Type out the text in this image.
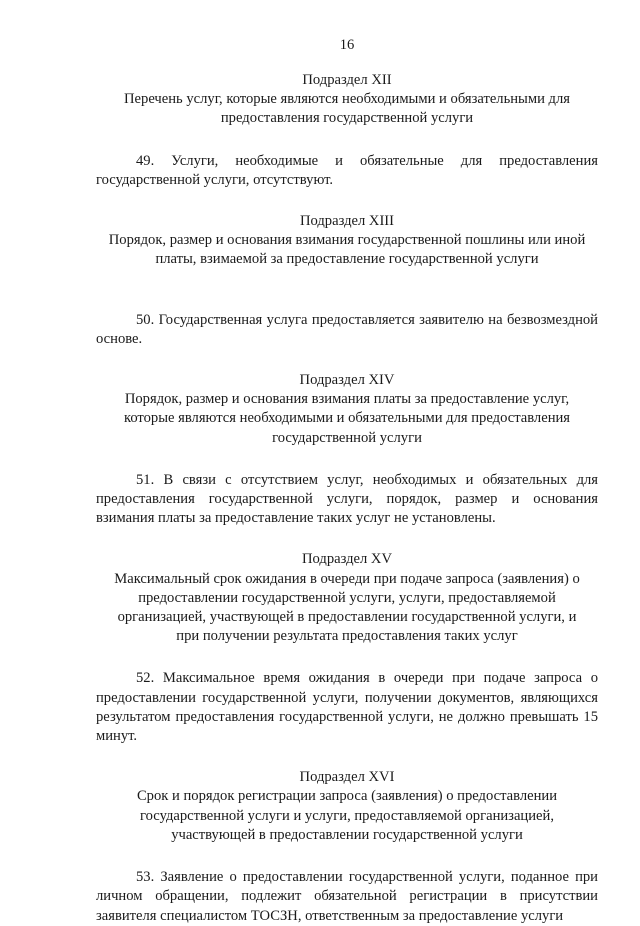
16

Подраздел XII

Перечень услуг, которые являются необходимыми и обязательными для предоставления государственной услуги

49. Услуги, необходимые и обязательные для предоставления государственной услуги, отсутствуют.

Подраздел XIII

Порядок, размер и основания взимания государственной пошлины или иной платы, взимаемой за предоставление государственной услуги

50. Государственная услуга предоставляется заявителю на безвозмездной основе.

Подраздел XIV

Порядок, размер и основания взимания платы за предоставление услуг, которые являются необходимыми и обязательными для предоставления государственной услуги

51. В связи с отсутствием услуг, необходимых и обязательных для предоставления государственной услуги, порядок, размер и основания взимания платы за предоставление таких услуг не установлены.

Подраздел XV

Максимальный срок ожидания в очереди при подаче запроса (заявления) о предоставлении государственной услуги, услуги, предоставляемой организацией, участвующей в предоставлении государственной услуги, и при получении результата предоставления таких услуг

52. Максимальное время ожидания в очереди при подаче запроса о предоставлении государственной услуги, получении документов, являющихся результатом предоставления государственной услуги, не должно превышать 15 минут.

Подраздел XVI

Срок и порядок регистрации запроса (заявления) о предоставлении государственной услуги и услуги, предоставляемой организацией, участвующей в предоставлении государственной услуги

53. Заявление о предоставлении государственной услуги, поданное при личном обращении, подлежит обязательной регистрации в присутствии заявителя специалистом ТОСЗН, ответственным за предоставление услуги
